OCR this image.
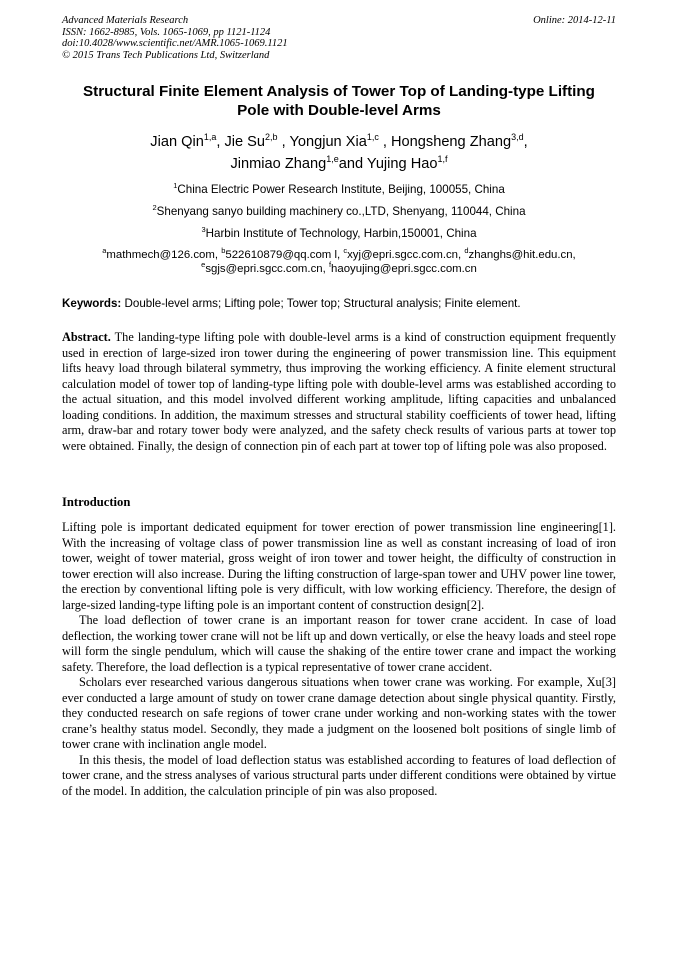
Advanced Materials Research
ISSN: 1662-8985, Vols. 1065-1069, pp 1121-1124
doi:10.4028/www.scientific.net/AMR.1065-1069.1121
© 2015 Trans Tech Publications Ltd, Switzerland
Online: 2014-12-11
Structural Finite Element Analysis of Tower Top of Landing-type Lifting
Pole with Double-level Arms
Jian Qin$^{1,a}$, Jie Su$^{2,b}$ , Yongjun Xia$^{1,c}$ , Hongsheng Zhang$^{3,d}$,
Jinmiao Zhang$^{1,e}$and Yujing Hao$^{1,f}$
$^1$China Electric Power Research Institute, Beijing, 100055, China
$^2$Shenyang sanyo building machinery co.,LTD, Shenyang, 110044, China
$^3$Harbin Institute of Technology, Harbin,150001, China
$^a$mathmech@126.com, $^b$522610879@qq.com l, $^c$xyj@epri.sgcc.com.cn, $^d$zhanghs@hit.edu.cn,
$^e$sgjs@epri.sgcc.com.cn, $^f$haoyujing@epri.sgcc.com.cn
Keywords: Double-level arms; Lifting pole; Tower top; Structural analysis; Finite element.
Abstract. The landing-type lifting pole with double-level arms is a kind of construction equipment frequently used in erection of large-sized iron tower during the engineering of power transmission line. This equipment lifts heavy load through bilateral symmetry, thus improving the working efficiency. A finite element structural calculation model of tower top of landing-type lifting pole with double-level arms was established according to the actual situation, and this model involved different working amplitude, lifting capacities and unbalanced loading conditions. In addition, the maximum stresses and structural stability coefficients of tower head, lifting arm, draw-bar and rotary tower body were analyzed, and the safety check results of various parts at tower top were obtained. Finally, the design of connection pin of each part at tower top of lifting pole was also proposed.
Introduction

Lifting pole is important dedicated equipment for tower erection of power transmission line engineering[1]. With the increasing of voltage class of power transmission line as well as constant increasing of load of iron tower, weight of tower material, gross weight of iron tower and tower height, the difficulty of construction in tower erection will also increase. During the lifting construction of large-span tower and UHV power line tower, the erection by conventional lifting pole is very difficult, with low working efficiency. Therefore, the design of large-sized landing-type lifting pole is an important content of construction design[2].

The load deflection of tower crane is an important reason for tower crane accident. In case of load deflection, the working tower crane will not be lift up and down vertically, or else the heavy loads and steel rope will form the single pendulum, which will cause the shaking of the entire tower crane and impact the working safety. Therefore, the load deflection is a typical representative of tower crane accident.

Scholars ever researched various dangerous situations when tower crane was working. For example, Xu[3] ever conducted a large amount of study on tower crane damage detection about single physical quantity. Firstly, they conducted research on safe regions of tower crane under working and non-working states with the tower crane’s healthy status model. Secondly, they made a judgment on the loosened bolt positions of single limb of tower crane with inclination angle model.

In this thesis, the model of load deflection status was established according to features of load deflection of tower crane, and the stress analyses of various structural parts under different conditions were obtained by virtue of the model. In addition, the calculation principle of pin was also proposed.
